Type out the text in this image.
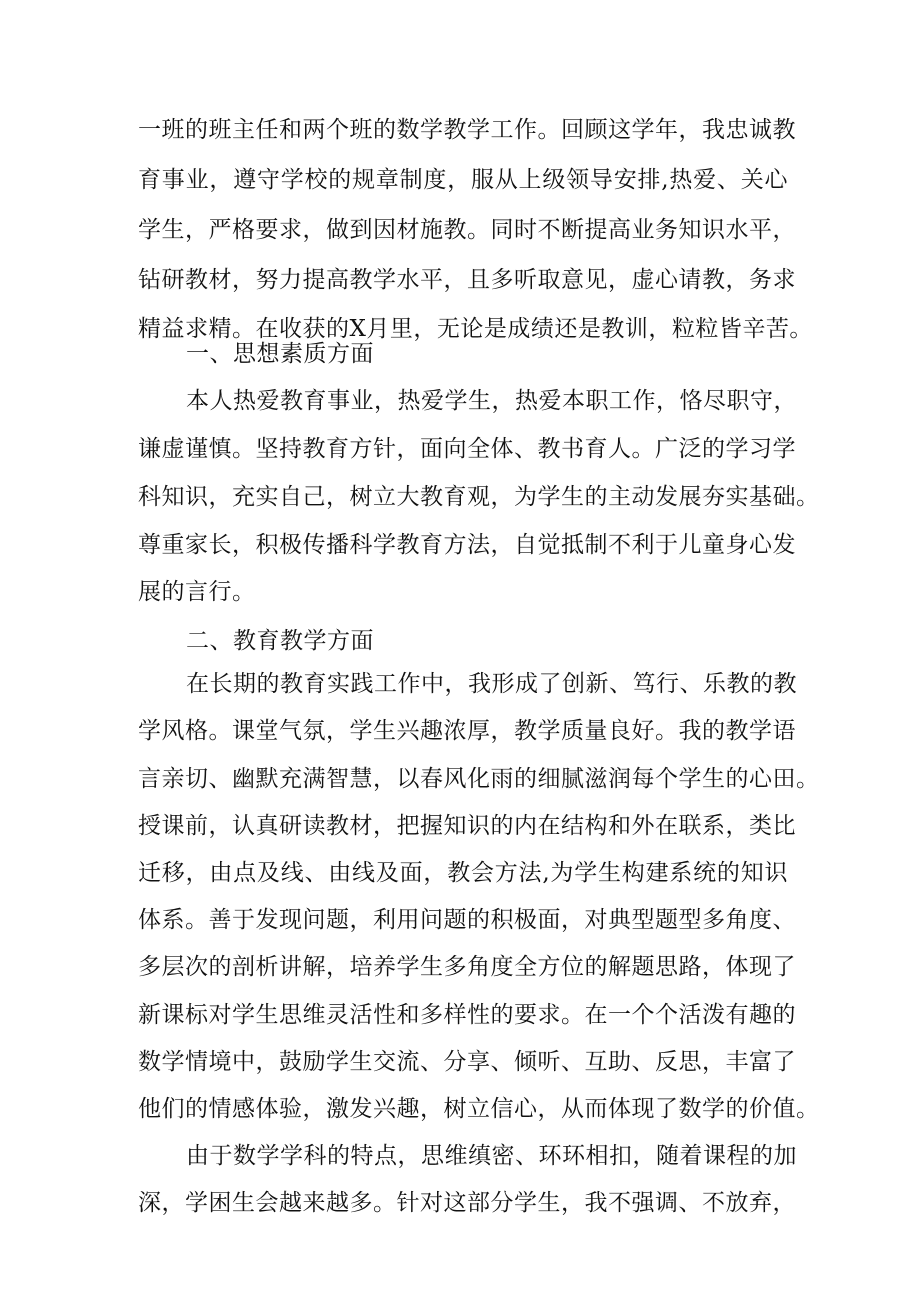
一班的班主任和两个班的数学教学工作。回顾这学年，我忠诚教
育事业，遵守学校的规章制度，服从上级领导安排,热爱、关心
学生，严格要求，做到因材施教。同时不断提高业务知识水平，
钻研教材，努力提高教学水平，且多听取意见，虚心请教，务求
精益求精。在收获的X月里，无论是成绩还是教训，粒粒皆辛苦。
一、思想素质方面
本人热爱教育事业，热爱学生，热爱本职工作，恪尽职守，
谦虚谨慎。坚持教育方针，面向全体、教书育人。广泛的学习学
科知识，充实自己，树立大教育观，为学生的主动发展夯实基础。
尊重家长，积极传播科学教育方法，自觉抵制不利于儿童身心发
展的言行。
二、教育教学方面
在长期的教育实践工作中，我形成了创新、笃行、乐教的教
学风格。课堂气氛，学生兴趣浓厚，教学质量良好。我的教学语
言亲切、幽默充满智慧，以春风化雨的细腻滋润每个学生的心田。
授课前，认真研读教材，把握知识的内在结构和外在联系，类比
迁移，由点及线、由线及面，教会方法,为学生构建系统的知识
体系。善于发现问题，利用问题的积极面，对典型题型多角度、
多层次的剖析讲解，培养学生多角度全方位的解题思路，体现了
新课标对学生思维灵活性和多样性的要求。在一个个活泼有趣的
数学情境中，鼓励学生交流、分享、倾听、互助、反思，丰富了
他们的情感体验，激发兴趣，树立信心，从而体现了数学的价值。
由于数学学科的特点，思维缜密、环环相扣，随着课程的加
深，学困生会越来越多。针对这部分学生，我不强调、不放弃，
